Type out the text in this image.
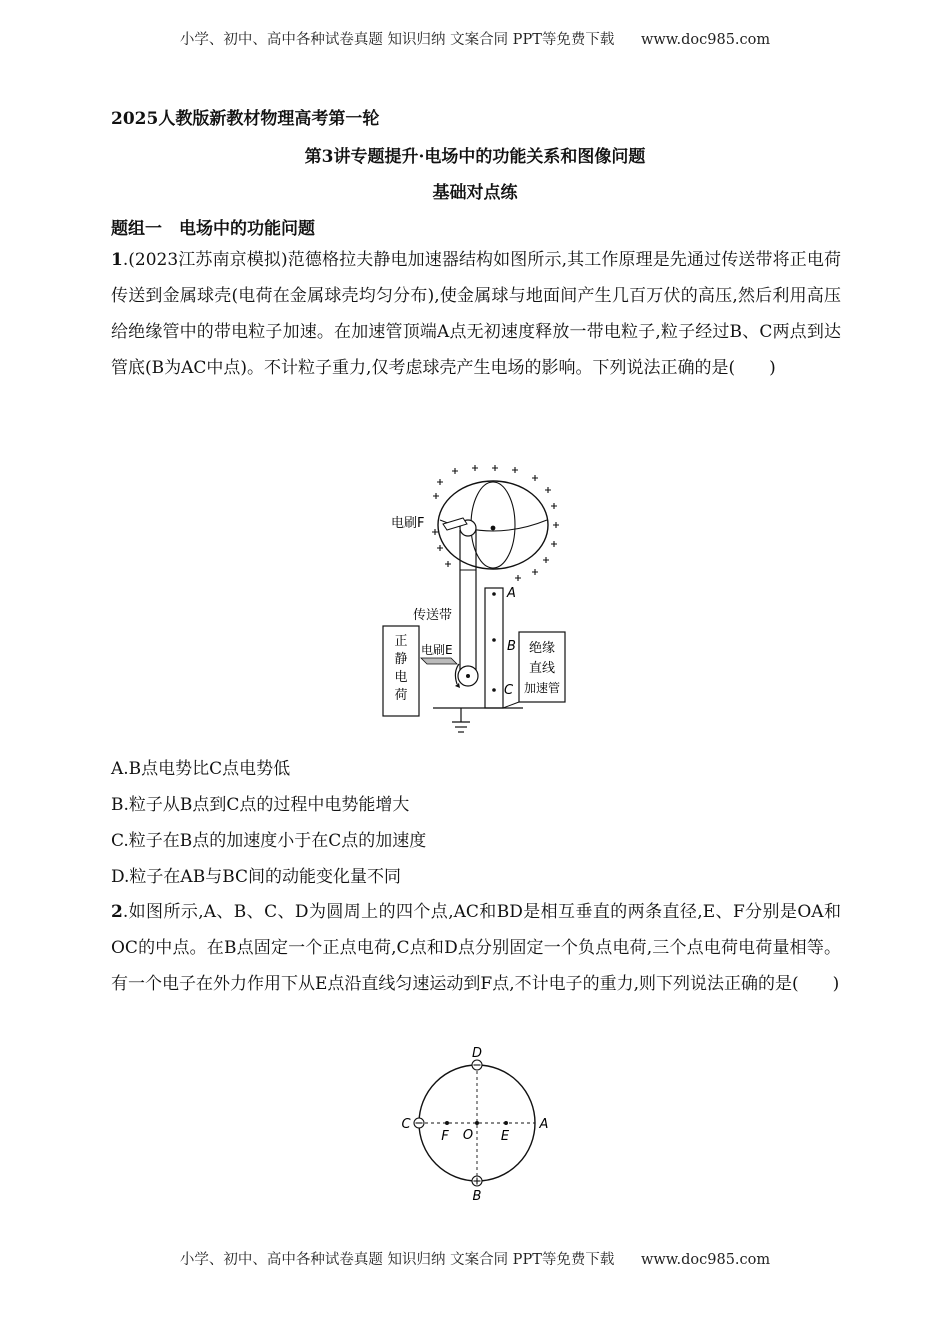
小学、初中、高中各种试卷真题 知识归纳 文案合同 PPT等免费下载 www.doc985.com
2025人教版新教材物理高考第一轮
第3讲专题提升·电场中的功能关系和图像问题
基础对点练
题组一　电场中的功能问题
1.(2023江苏南京模拟)范德格拉夫静电加速器结构如图所示,其工作原理是先通过传送带将正电荷传送到金属球壳(电荷在金属球壳均匀分布),使金属球与地面间产生几百万伏的高压,然后利用高压给绝缘管中的带电粒子加速。在加速管顶端A点无初速度释放一带电粒子,粒子经过B、C两点到达管底(B为AC中点)。不计粒子重力,仅考虑球壳产生电场的影响。下列说法正确的是(　　)
正
静
电
荷
A
B
C
绝缘
直线
加速管
电刷F
传送带
电刷E
A.B点电势比C点电势低
B.粒子从B点到C点的过程中电势能增大
C.粒子在B点的加速度小于在C点的加速度
D.粒子在AB与BC间的动能变化量不同
2.如图所示,A、B、C、D为圆周上的四个点,AC和BD是相互垂直的两条直径,E、F分别是OA和OC的中点。在B点固定一个正点电荷,C点和D点分别固定一个负点电荷,三个点电荷电荷量相等。有一个电子在外力作用下从E点沿直线匀速运动到F点,不计电子的重力,则下列说法正确的是(　　)
D
C	A
B
F O E
小学、初中、高中各种试卷真题 知识归纳 文案合同 PPT等免费下载 www.doc985.com
